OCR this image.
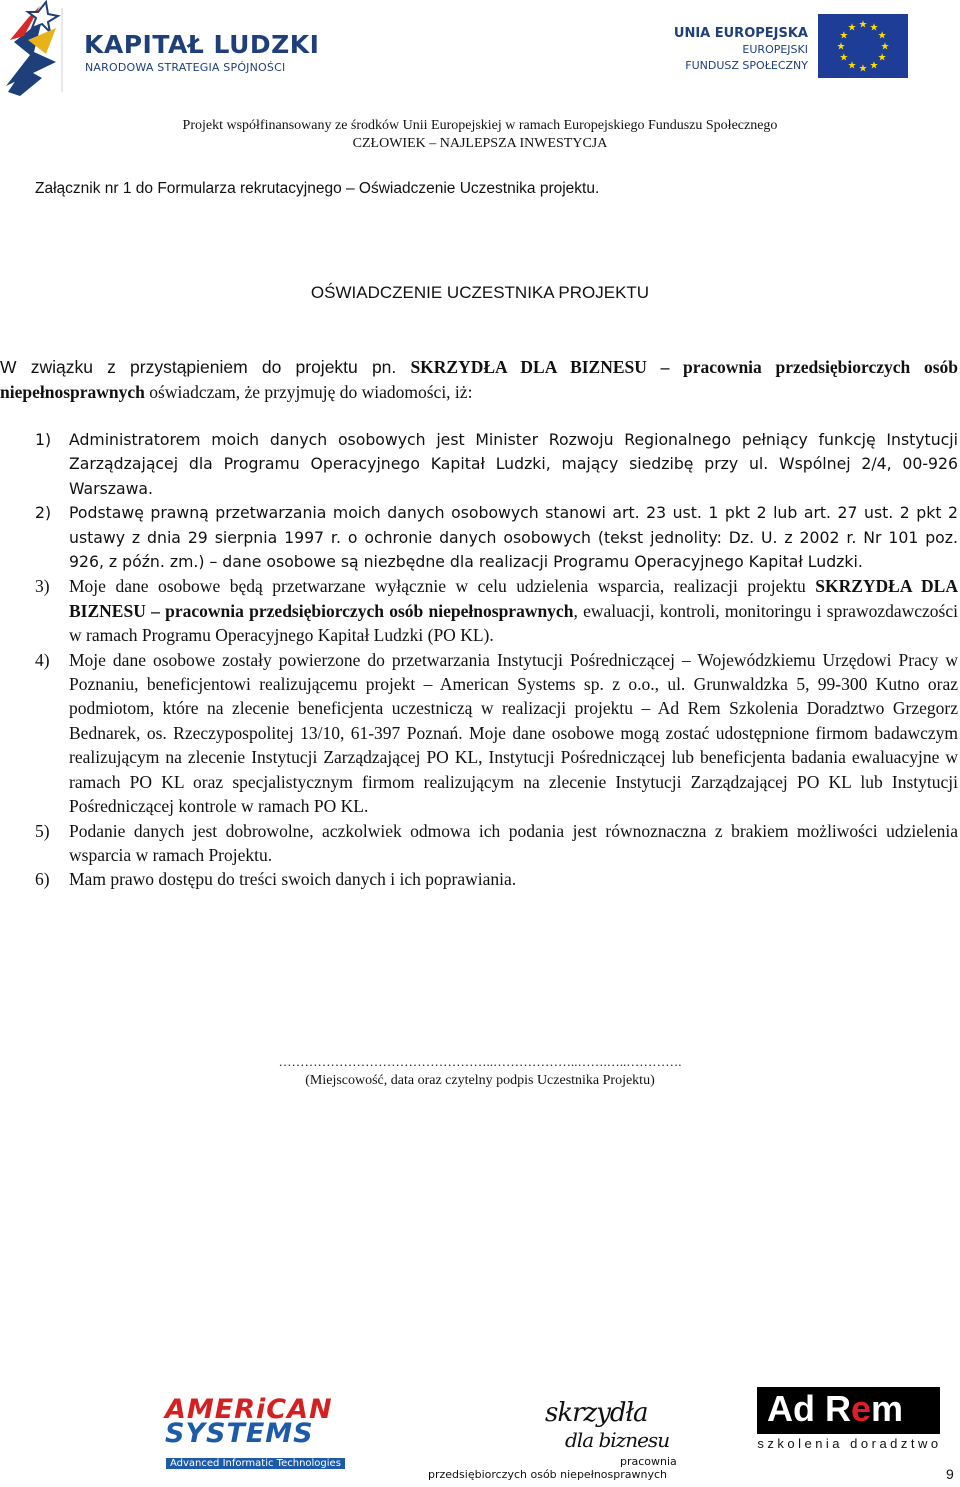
KAPITAŁ LUDZKI
NARODOWA STRATEGIA SPÓJNOŚCI
UNIA EUROPEJSKA
EUROPEJSKI
FUNDUSZ SPOŁECZNY
★ ★
★
★
★
★
★
★
★
★
★
★
Projekt współfinansowany ze środków Unii Europejskiej w ramach Europejskiego Funduszu Społecznego
CZŁOWIEK – NAJLEPSZA INWESTYCJA
Załącznik nr 1 do Formularza rekrutacyjnego – Oświadczenie Uczestnika projektu.
OŚWIADCZENIE UCZESTNIKA PROJEKTU
W związku z przystąpieniem do projektu pn. SKRZYDŁA DLA BIZNESU – pracownia przedsiębiorczych osób niepełnosprawnych oświadczam, że przyjmuję do wiadomości, iż:
1) Administratorem moich danych osobowych jest Minister Rozwoju Regionalnego pełniący funkcję Instytucji Zarządzającej dla Programu Operacyjnego Kapitał Ludzki, mający siedzibę przy ul. Wspólnej 2/4, 00-926 Warszawa.
2) Podstawę prawną przetwarzania moich danych osobowych stanowi art. 23 ust. 1 pkt 2 lub art. 27 ust. 2 pkt 2 ustawy z dnia 29 sierpnia 1997 r. o ochronie danych osobowych (tekst jednolity: Dz. U. z 2002 r. Nr 101 poz. 926, z późn. zm.) – dane osobowe są niezbędne dla realizacji Programu Operacyjnego Kapitał Ludzki.
3) Moje dane osobowe będą przetwarzane wyłącznie w celu udzielenia wsparcia, realizacji projektu SKRZYDŁA DLA BIZNESU – pracownia przedsiębiorczych osób niepełnosprawnych, ewaluacji, kontroli, monitoringu i sprawozdawczości w ramach Programu Operacyjnego Kapitał Ludzki (PO KL).
4) Moje dane osobowe zostały powierzone do przetwarzania Instytucji Pośredniczącej – Wojewódzkiemu Urzędowi Pracy w Poznaniu, beneficjentowi realizującemu projekt – American Systems sp. z o.o., ul. Grunwaldzka 5, 99-300 Kutno oraz podmiotom, które na zlecenie beneficjenta uczestniczą w realizacji projektu – Ad Rem Szkolenia Doradztwo Grzegorz Bednarek, os. Rzeczypospolitej 13/10, 61-397 Poznań. Moje dane osobowe mogą zostać udostępnione firmom badawczym realizującym na zlecenie Instytucji Zarządzającej PO KL, Instytucji Pośredniczącej lub beneficjenta badania ewaluacyjne w ramach PO KL oraz specjalistycznym firmom realizującym na zlecenie Instytucji Zarządzającej PO KL lub Instytucji Pośredniczącej kontrole w ramach PO KL.
5) Podanie danych jest dobrowolne, aczkolwiek odmowa ich podania jest równoznaczna z brakiem możliwości udzielenia wsparcia w ramach Projektu.
6) Mam prawo dostępu do treści swoich danych i ich poprawiania.
…………………………………………..………………..…….…..………….
(Miejscowość, data oraz czytelny podpis Uczestnika Projektu)
AMERiCAN
SYSTEMS
Advanced Informatic Technologies
skrzydła
dla biznesu
pracownia
przedsiębiorczych osób niepełnosprawnych
Ad Rem
szkolenia doradztwo
9
